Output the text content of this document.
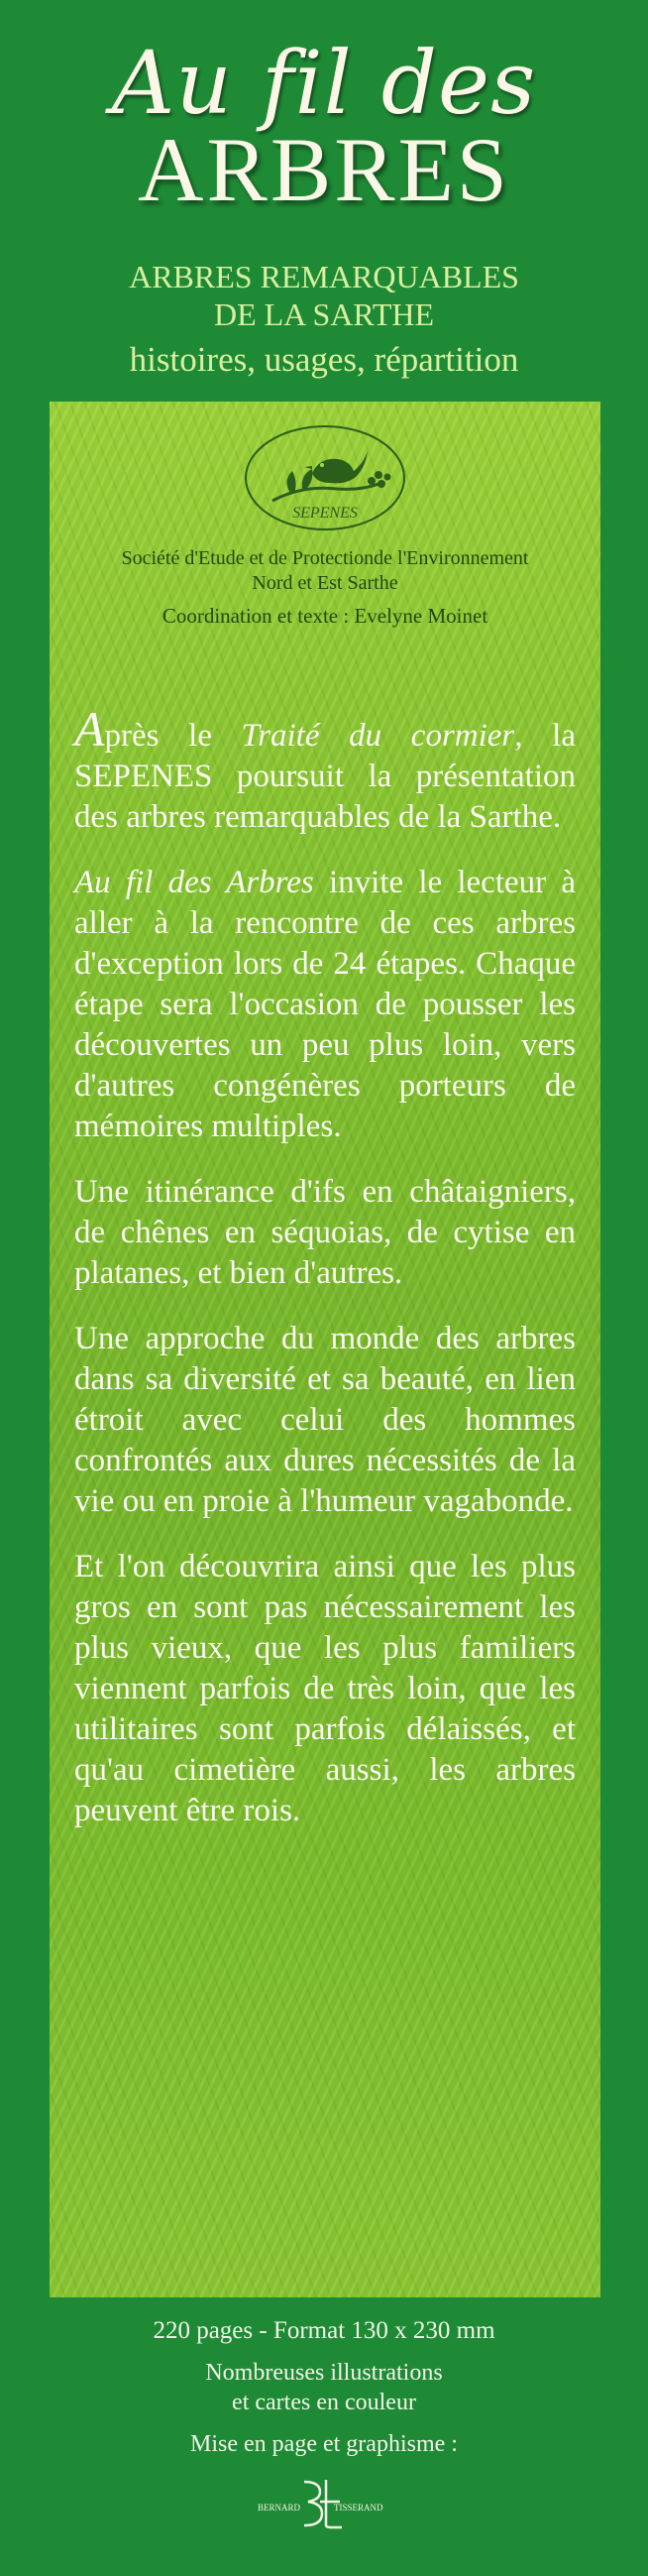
Au fil des
ARBRES
ARBRES REMARQUABLES
DE LA SARTHE
histoires, usages, répartition
SEPENES
Société d'Etude et de Protectionde l'Environnement
Nord et Est Sarthe
Coordination et texte : Evelyne Moinet

Après le Traité du cormier, la SEPENES poursuit la présentation des arbres remarquables de la Sarthe.

Au fil des Arbres invite le lecteur à aller à la rencontre de ces arbres d'exception lors de 24 étapes. Chaque étape sera l'occasion de pousser les découvertes un peu plus loin, vers d'autres congénères porteurs de mémoires multiples.

Une itinérance d'ifs en châtaigniers, de chênes en séquoias, de cytise en platanes, et bien d'autres.

Une approche du monde des arbres dans sa diversité et sa beauté, en lien étroit avec celui des hommes confrontés aux dures nécessités de la vie ou en proie à l'humeur vagabonde.

Et l'on découvrira ainsi que les plus gros en sont pas nécessairement les plus vieux, que les plus familiers viennent parfois de très loin, que les utilitaires sont parfois délaissés, et qu'au cimetière aussi, les arbres peuvent être rois.

220 pages - Format 130 x 230 mm
Nombreuses illustrations
et cartes en couleur
Mise en page et graphisme :
BERNARD	TISSERAND
